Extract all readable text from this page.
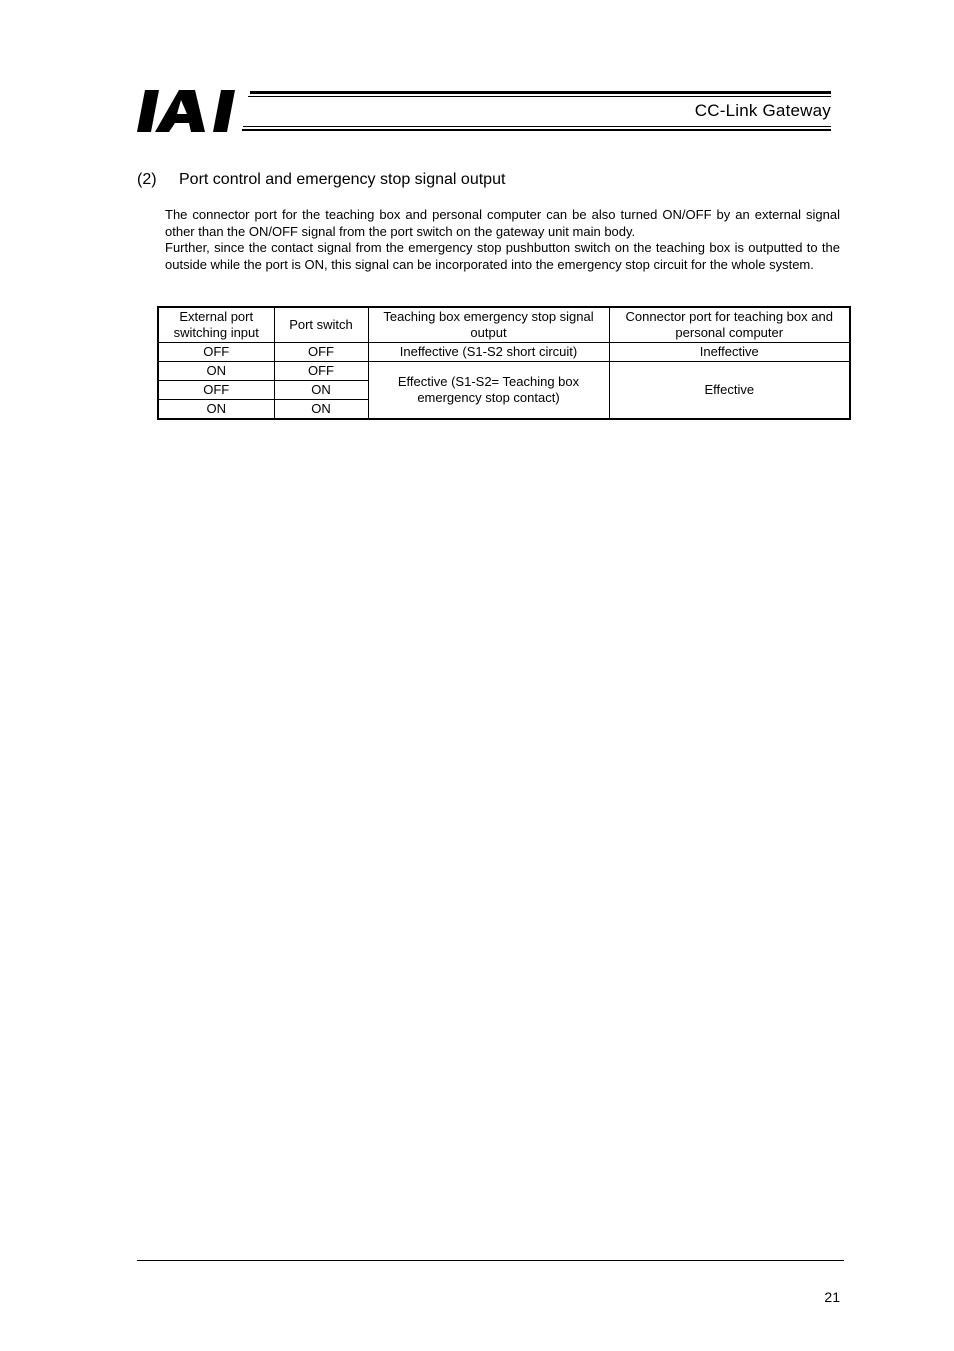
CC-Link Gateway
(2) Port control and emergency stop signal output

The connector port for the teaching box and personal computer can be also turned ON/OFF by an external signal other than the ON/OFF signal from the port switch on the gateway unit main body.

Further, since the contact signal from the emergency stop pushbutton switch on the teaching box is outputted to the outside while the port is ON, this signal can be incorporated into the emergency stop circuit for the whole system.

External port switching input	Port switch	Teaching box emergency stop signal output	Connector port for teaching box and personal computer
OFF	OFF	Ineffective (S1-S2 short circuit)	Ineffective
ON	OFF	Effective (S1-S2= Teaching box emergency stop contact)	Effective
OFF	ON		
ON	ON		
21
